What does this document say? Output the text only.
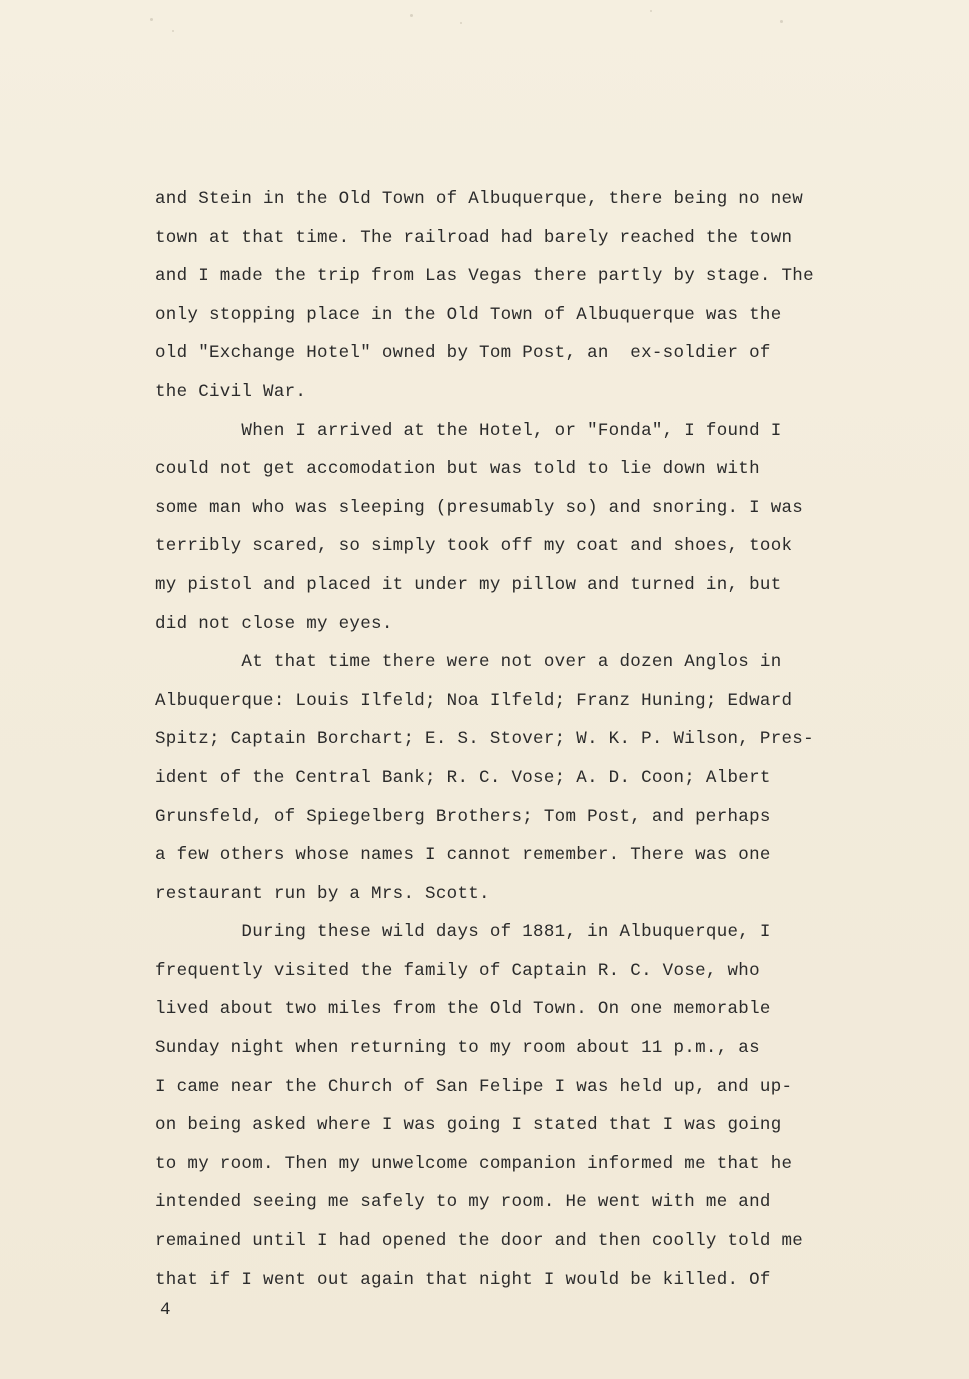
and Stein in the Old Town of Albuquerque, there being no new
town at that time. The railroad had barely reached the town
and I made the trip from Las Vegas there partly by stage. The
only stopping place in the Old Town of Albuquerque was the
old "Exchange Hotel" owned by Tom Post, an  ex-soldier of
the Civil War.
When I arrived at the Hotel, or "Fonda", I found I
could not get accomodation but was told to lie down with
some man who was sleeping (presumably so) and snoring. I was
terribly scared, so simply took off my coat and shoes, took
my pistol and placed it under my pillow and turned in, but
did not close my eyes.
At that time there were not over a dozen Anglos in
Albuquerque: Louis Ilfeld; Noa Ilfeld; Franz Huning; Edward
Spitz; Captain Borchart; E. S. Stover; W. K. P. Wilson, Pres-
ident of the Central Bank; R. C. Vose; A. D. Coon; Albert
Grunsfeld, of Spiegelberg Brothers; Tom Post, and perhaps
a few others whose names I cannot remember. There was one
restaurant run by a Mrs. Scott.
During these wild days of 1881, in Albuquerque, I
frequently visited the family of Captain R. C. Vose, who
lived about two miles from the Old Town. On one memorable
Sunday night when returning to my room about 11 p.m., as
I came near the Church of San Felipe I was held up, and up-
on being asked where I was going I stated that I was going
to my room. Then my unwelcome companion informed me that he
intended seeing me safely to my room. He went with me and
remained until I had opened the door and then coolly told me
that if I went out again that night I would be killed. Of
4
